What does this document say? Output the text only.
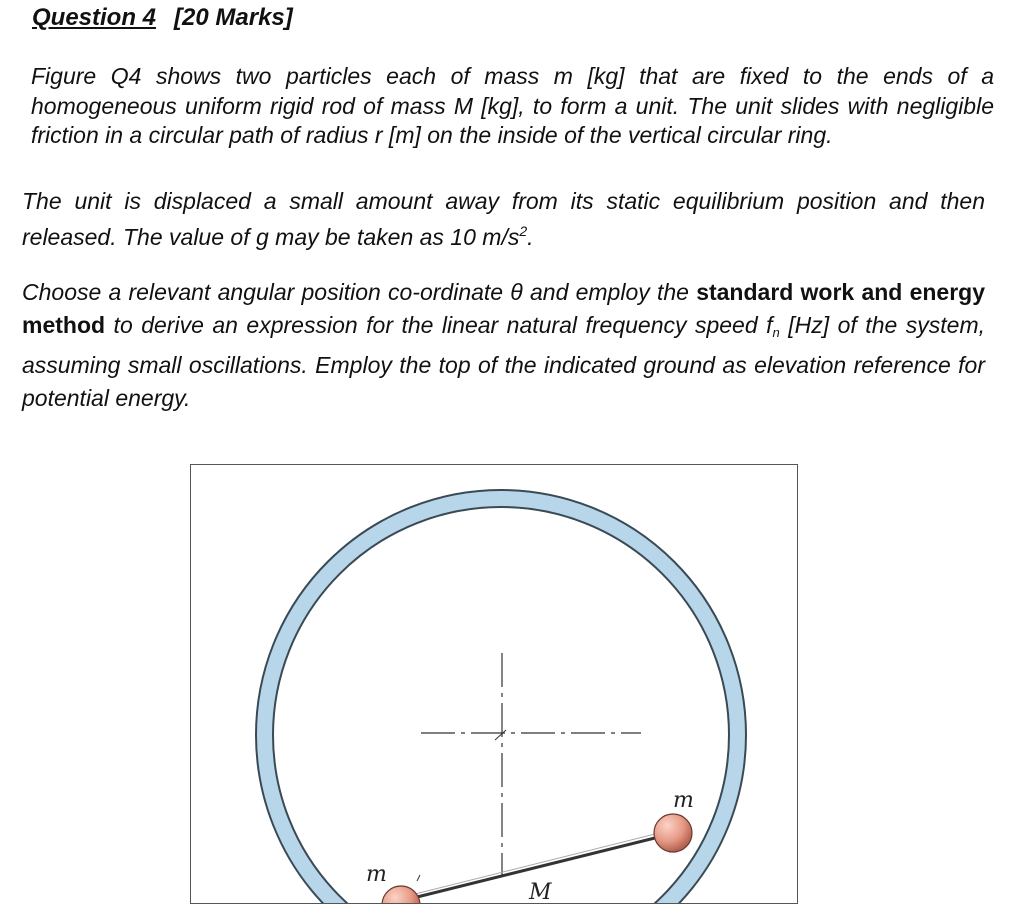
Question 4 [20 Marks]
Figure Q4 shows two particles each of mass m [kg] that are fixed to the ends of a homogeneous uniform rigid rod of mass M [kg], to form a unit. The unit slides with negligible friction in a circular path of radius r [m] on the inside of the vertical circular ring.
The unit is displaced a small amount away from its static equilibrium position and then released. The value of g may be taken as 10 $m/s^2$.
Choose a relevant angular position co-ordinate θ and employ the standard work and energy method to derive an expression for the linear natural frequency speed $f_n$ [Hz] of the system, assuming small oscillations. Employ the top of the indicated ground as elevation reference for potential energy.
m
m
M
